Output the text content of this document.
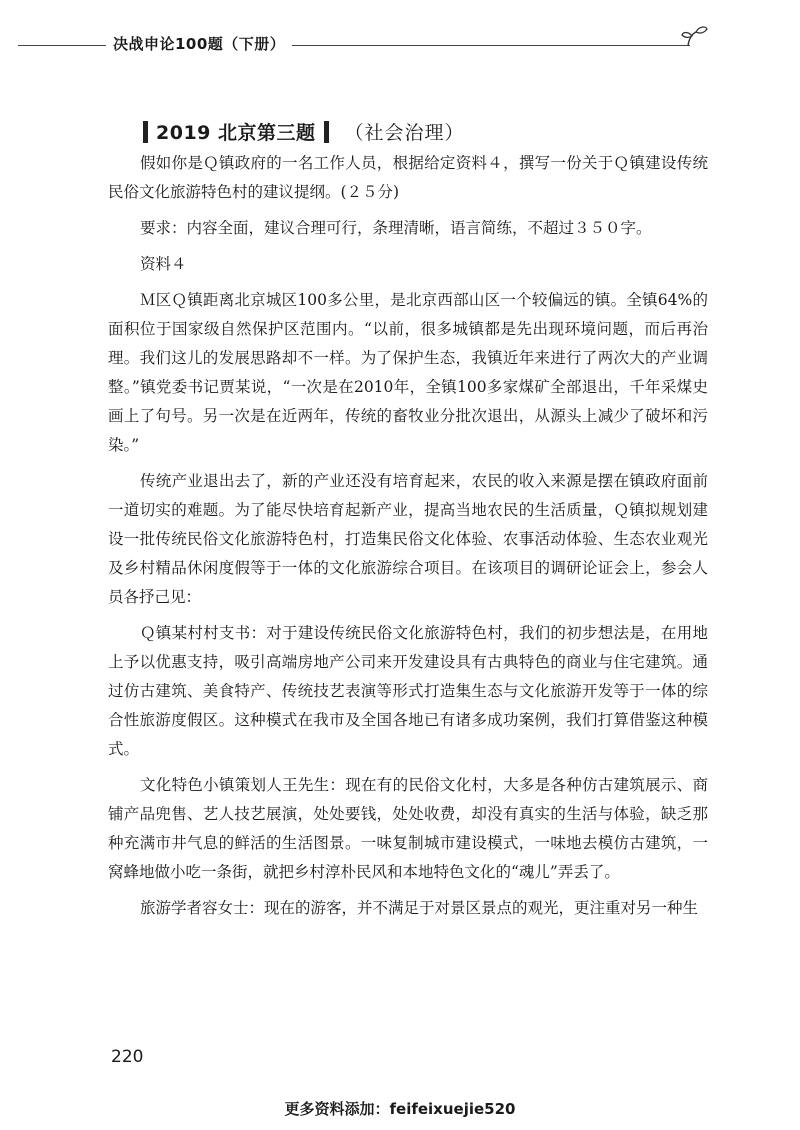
决战申论100题（下册）
2019 北京第三题 （社会治理）

假如你是Ｑ镇政府的一名工作人员，根据给定资料４，撰写一份关于Ｑ镇建设传统民俗文化旅游特色村的建议提纲。(２５分)

要求：内容全面，建议合理可行，条理清晰，语言简练，不超过３５０字。

资料４

Ｍ区Ｑ镇距离北京城区100多公里，是北京西部山区一个较偏远的镇。全镇64%的面积位于国家级自然保护区范围内。“以前，很多城镇都是先出现环境问题，而后再治理。我们这儿的发展思路却不一样。为了保护生态，我镇近年来进行了两次大的产业调整。”镇党委书记贾某说，“一次是在2010年，全镇100多家煤矿全部退出，千年采煤史画上了句号。另一次是在近两年，传统的畜牧业分批次退出，从源头上减少了破坏和污染。”

传统产业退出去了，新的产业还没有培育起来，农民的收入来源是摆在镇政府面前一道切实的难题。为了能尽快培育起新产业，提高当地农民的生活质量，Ｑ镇拟规划建设一批传统民俗文化旅游特色村，打造集民俗文化体验、农事活动体验、生态农业观光及乡村精品休闲度假等于一体的文化旅游综合项目。在该项目的调研论证会上，参会人员各抒己见：

Ｑ镇某村村支书：对于建设传统民俗文化旅游特色村，我们的初步想法是，在用地上予以优惠支持，吸引高端房地产公司来开发建设具有古典特色的商业与住宅建筑。通过仿古建筑、美食特产、传统技艺表演等形式打造集生态与文化旅游开发等于一体的综合性旅游度假区。这种模式在我市及全国各地已有诸多成功案例，我们打算借鉴这种模式。

文化特色小镇策划人王先生：现在有的民俗文化村，大多是各种仿古建筑展示、商铺产品兜售、艺人技艺展演，处处要钱，处处收费，却没有真实的生活与体验，缺乏那种充满市井气息的鲜活的生活图景。一味复制城市建设模式，一味地去模仿古建筑，一窝蜂地做小吃一条街，就把乡村淳朴民风和本地特色文化的“魂儿”弄丢了。

旅游学者容女士：现在的游客，并不满足于对景区景点的观光，更注重对另一种生

220
更多资料添加：feifeixuejie520
